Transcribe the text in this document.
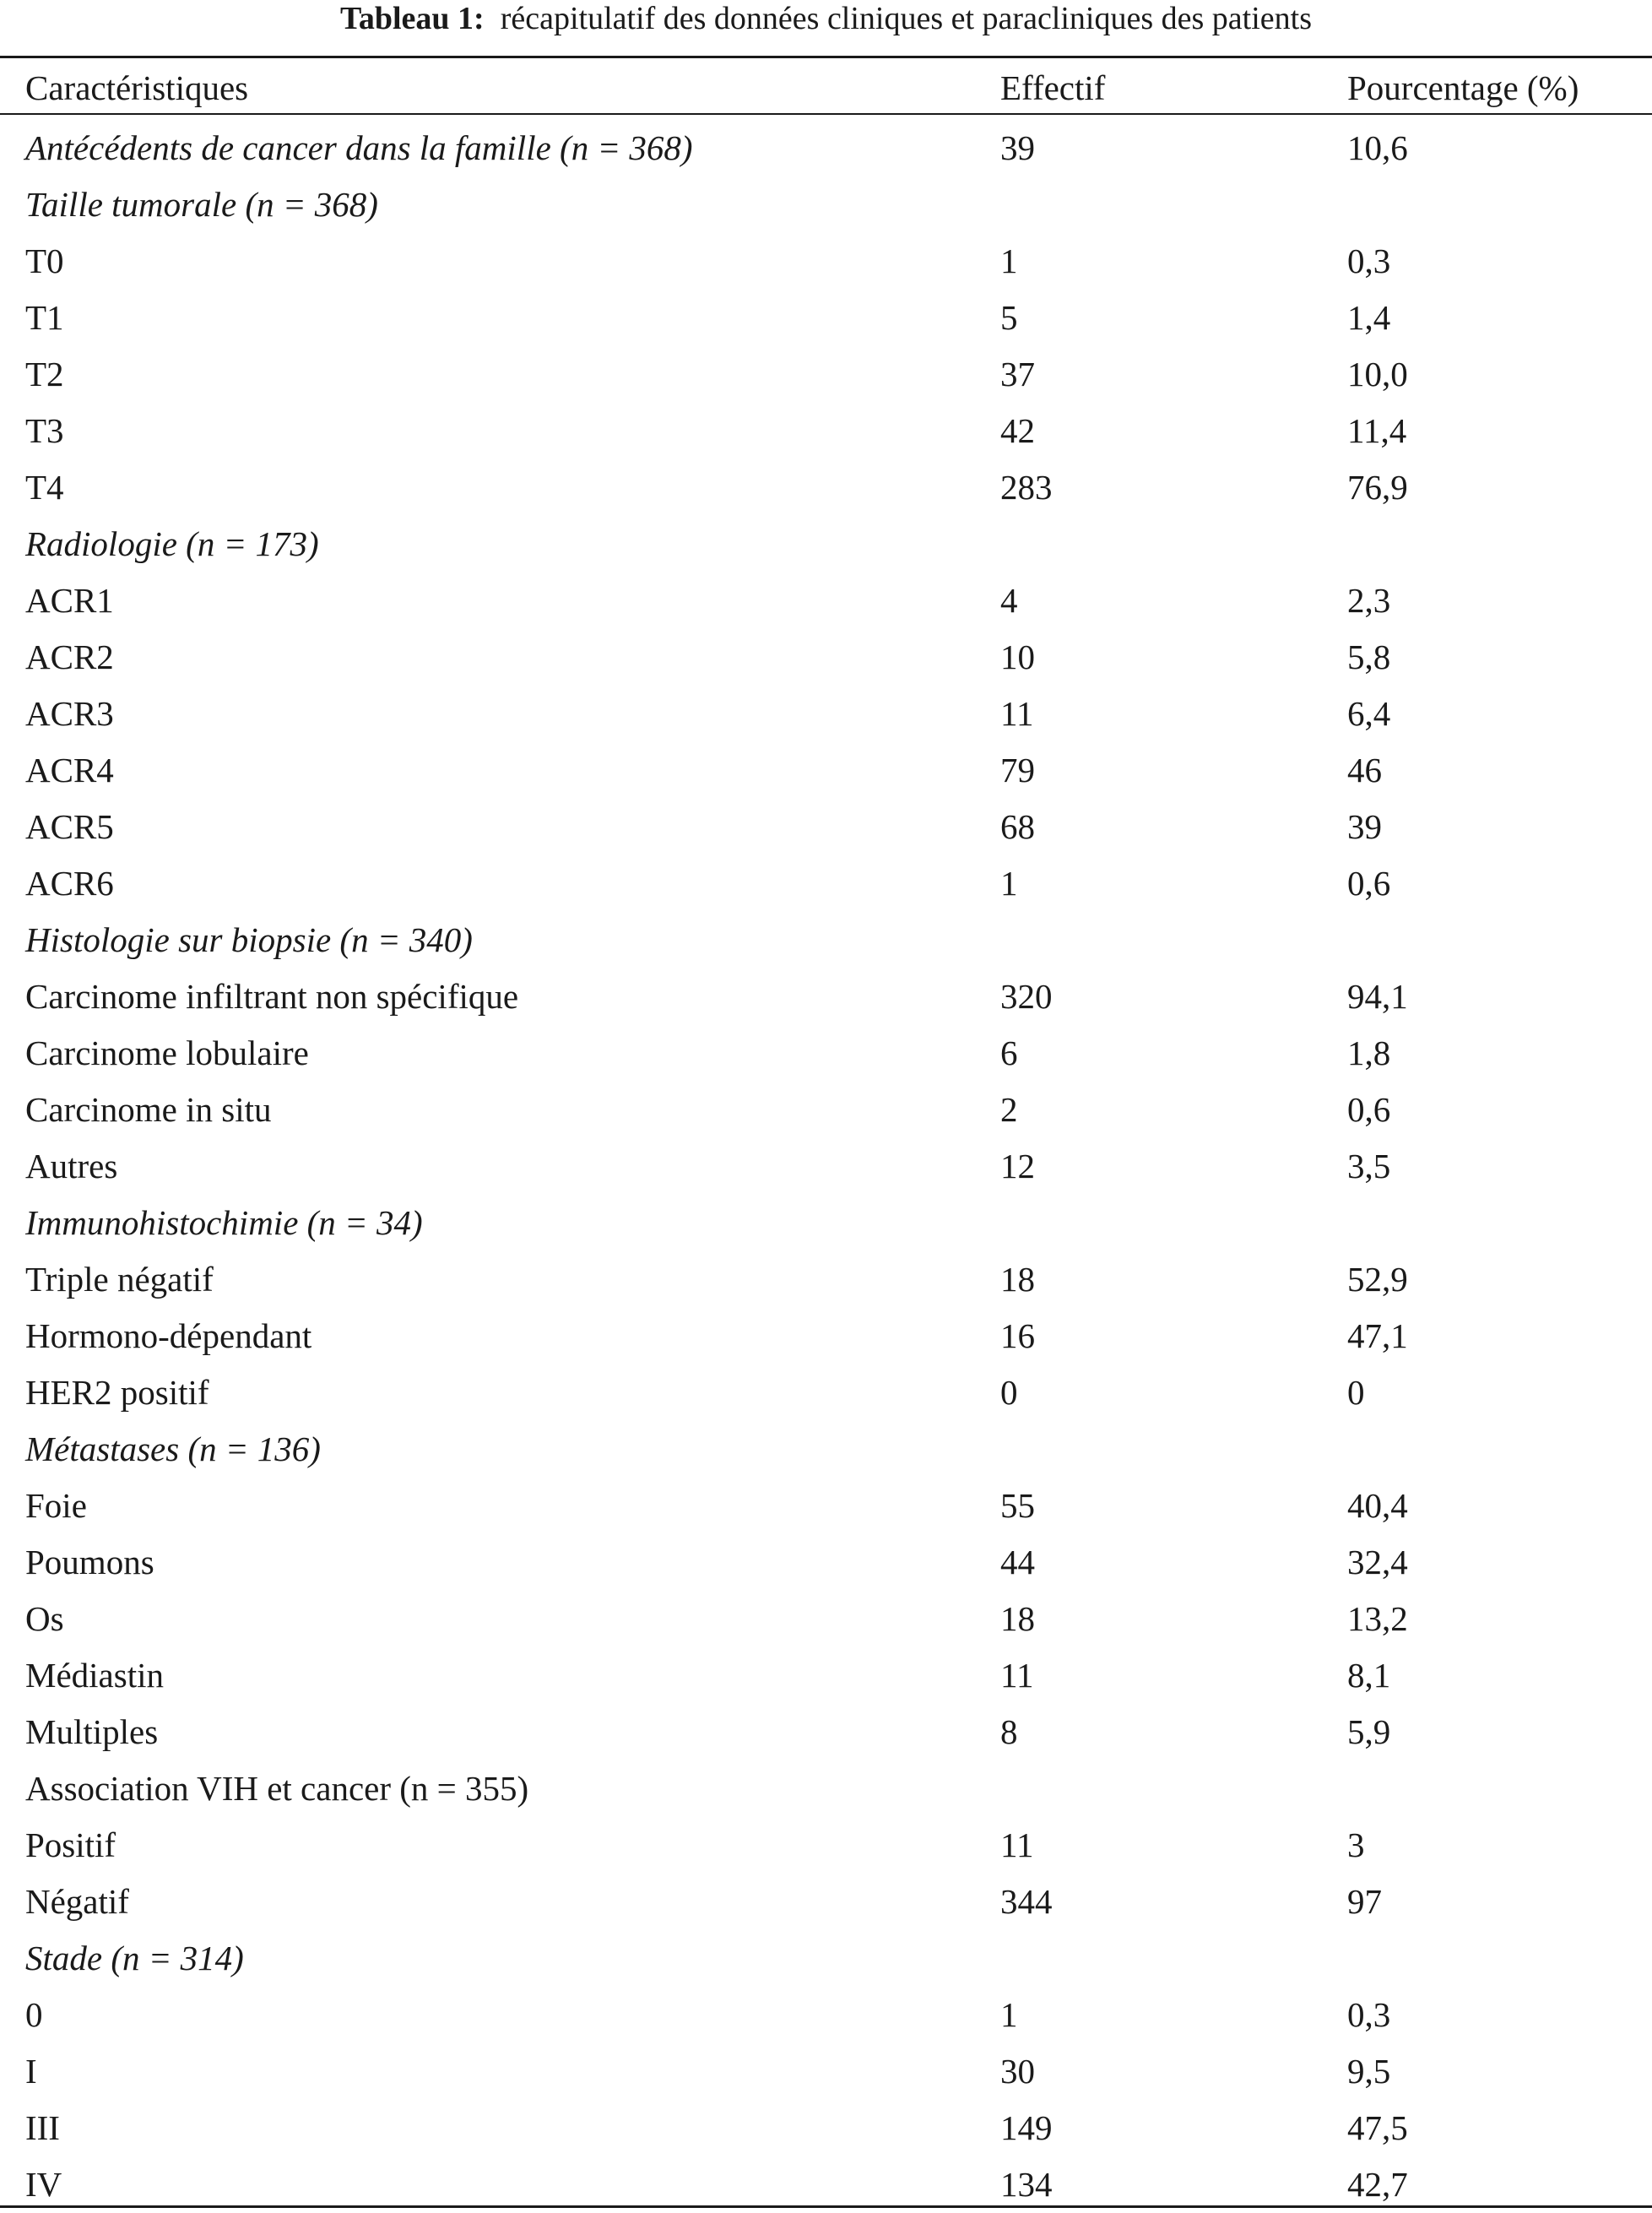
Tableau 1: récapitulatif des données cliniques et paracliniques des patients
Caractéristiques	Effectif	Pourcentage (%)
Antécédents de cancer dans la famille (n = 368)	39	10,6
Taille tumorale (n = 368)		
T0	1	0,3
T1	5	1,4
T2	37	10,0
T3	42	11,4
T4	283	76,9
Radiologie (n = 173)		
ACR1	4	2,3
ACR2	10	5,8
ACR3	11	6,4
ACR4	79	46
ACR5	68	39
ACR6	1	0,6
Histologie sur biopsie (n = 340)		
Carcinome infiltrant non spécifique	320	94,1
Carcinome lobulaire	6	1,8
Carcinome in situ	2	0,6
Autres	12	3,5
Immunohistochimie (n = 34)		
Triple négatif	18	52,9
Hormono-dépendant	16	47,1
HER2 positif	0	0
Métastases (n = 136)		
Foie	55	40,4
Poumons	44	32,4
Os	18	13,2
Médiastin	11	8,1
Multiples	8	5,9
Association VIH et cancer (n = 355)		
Positif	11	3
Négatif	344	97
Stade (n = 314)		
0	1	0,3
I	30	9,5
III	149	47,5
IV	134	42,7
